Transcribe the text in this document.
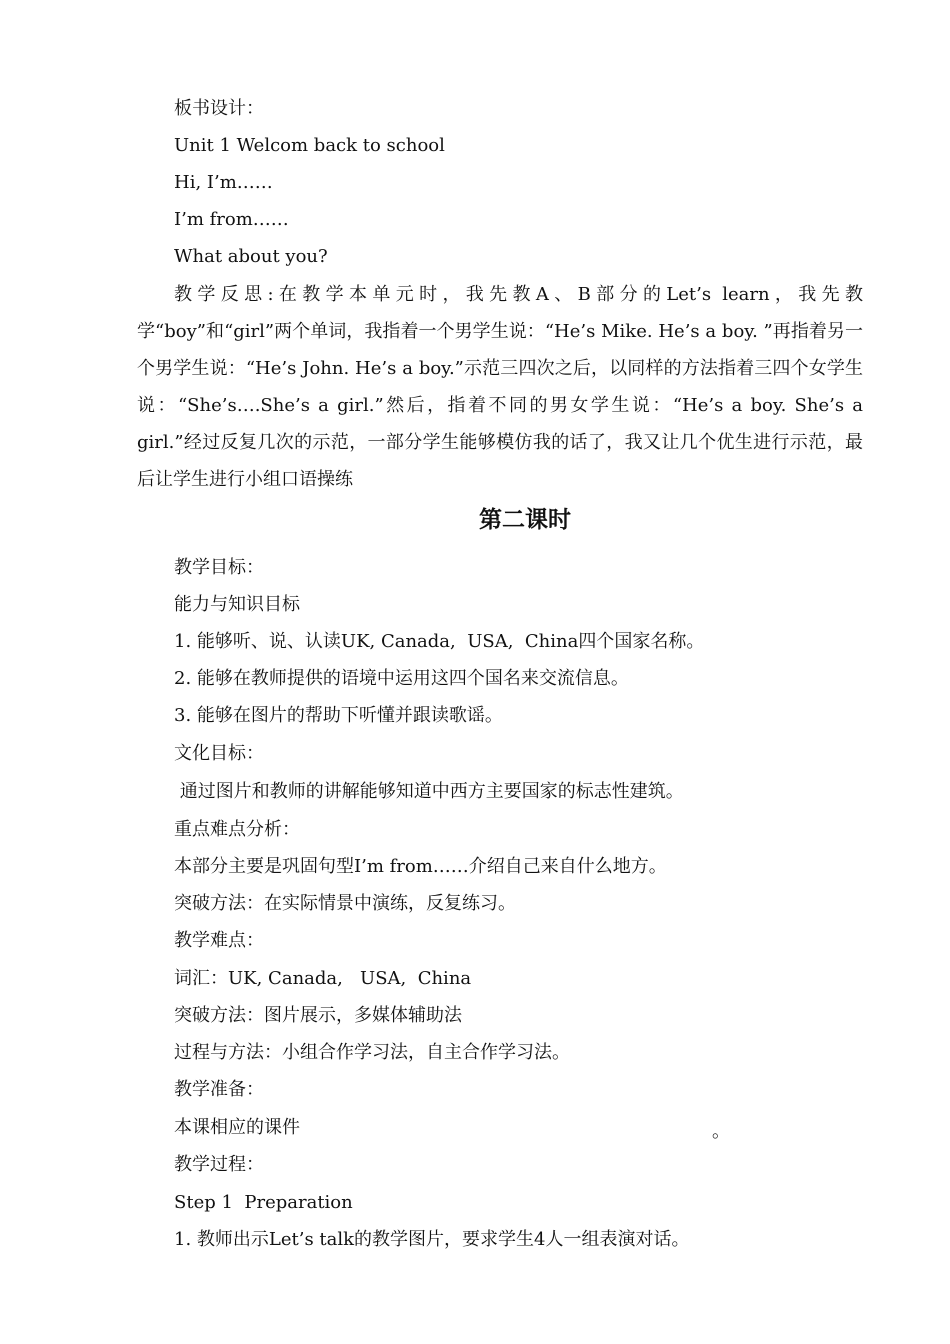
板书设计：
Unit 1 Welcom back to school
Hi, I’m……
I’m from……
What about you?
教学反思:在教学本单元时，我先教A、B部分的Let’s learn，我先教学“boy”和“girl”两个单词，我指着一个男学生说：“He’s Mike. He’s a boy. ”再指着另一个男学生说：“He’s John. He’s a boy.”示范三四次之后，以同样的方法指着三四个女学生说：“She’s….She’s a girl.”然后，指着不同的男女学生说：“He’s a boy. She’s a girl.”经过反复几次的示范，一部分学生能够模仿我的话了，我又让几个优生进行示范，最后让学生进行小组口语操练
第二课时
教学目标：
能力与知识目标
1. 能够听、说、认读UK, Canada,  USA,  China四个国家名称。
2. 能够在教师提供的语境中运用这四个国名来交流信息。
3. 能够在图片的帮助下听懂并跟读歌谣。
文化目标：
通过图片和教师的讲解能够知道中西方主要国家的标志性建筑。
重点难点分析：
本部分主要是巩固句型I’m from……介绍自己来自什么地方。
突破方法：在实际情景中演练，反复练习。
教学难点：
词汇：UK, Canada,   USA,  China
突破方法：图片展示，多媒体辅助法
过程与方法：小组合作学习法，自主合作学习法。
教学准备：
本课相应的课件	。
教学过程：
Step 1  Preparation
1. 教师出示Let’s talk的教学图片，要求学生4人一组表演对话。
